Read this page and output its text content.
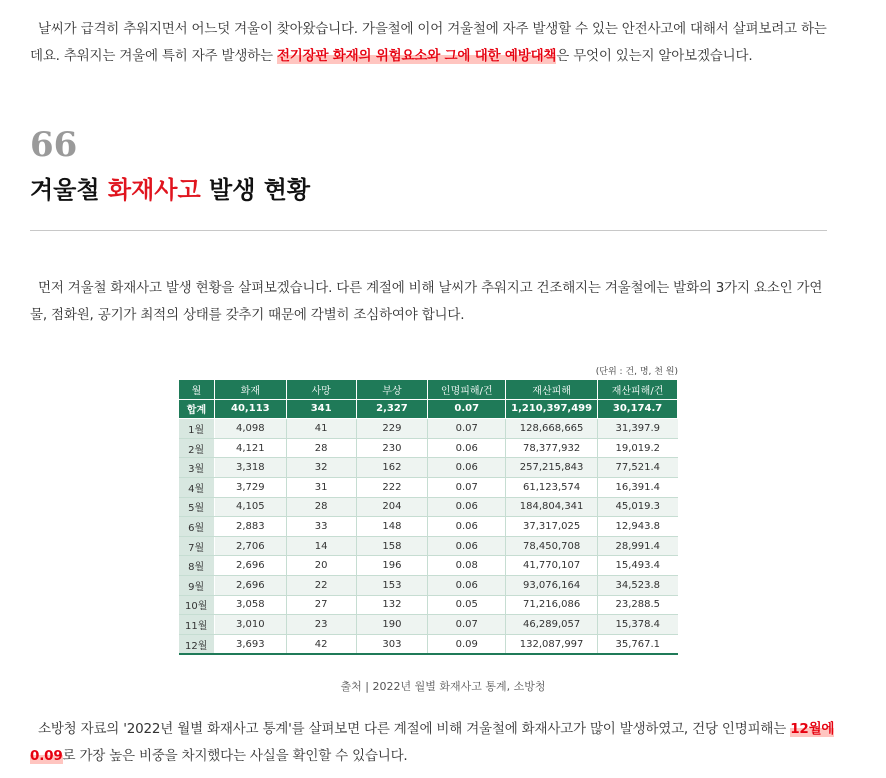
날씨가 급격히 추워지면서 어느덧 겨울이 찾아왔습니다. 가을철에 이어 겨울철에 자주 발생할 수 있는 안전사고에 대해서 살펴보려고 하는데요. 추워지는 겨울에 특히 자주 발생하는 전기장판 화재의 위험요소와 그에 대한 예방대책은 무엇이 있는지 알아보겠습니다.

66
겨울철 화재사고 발생 현황

먼저 겨울철 화재사고 발생 현황을 살펴보겠습니다. 다른 계절에 비해 날씨가 추워지고 건조해지는 겨울철에는 발화의 3가지 요소인 가연물, 점화원, 공기가 최적의 상태를 갖추기 때문에 각별히 조심하여야 합니다.

(단위 : 건, 명, 천 원)
월	화재	사망	부상	인명피해/건	재산피해	재산피해/건
합계	40,113	341	2,327	0.07	1,210,397,499	30,174.7
1월	4,098	41	229	0.07	128,668,665	31,397.9
2월	4,121	28	230	0.06	78,377,932	19,019.2
3월	3,318	32	162	0.06	257,215,843	77,521.4
4월	3,729	31	222	0.07	61,123,574	16,391.4
5월	4,105	28	204	0.06	184,804,341	45,019.3
6월	2,883	33	148	0.06	37,317,025	12,943.8
7월	2,706	14	158	0.06	78,450,708	28,991.4
8월	2,696	20	196	0.08	41,770,107	15,493.4
9월	2,696	22	153	0.06	93,076,164	34,523.8
10월	3,058	27	132	0.05	71,216,086	23,288.5
11월	3,010	23	190	0.07	46,289,057	15,378.4
12월	3,693	42	303	0.09	132,087,997	35,767.1
출처 | 2022년 월별 화재사고 통계, 소방청

소방청 자료의 '2022년 월별 화재사고 통계'를 살펴보면 다른 계절에 비해 겨울철에 화재사고가 많이 발생하였고, 건당 인명피해는 12월에 0.09로 가장 높은 비중을 차지했다는 사실을 확인할 수 있습니다.
